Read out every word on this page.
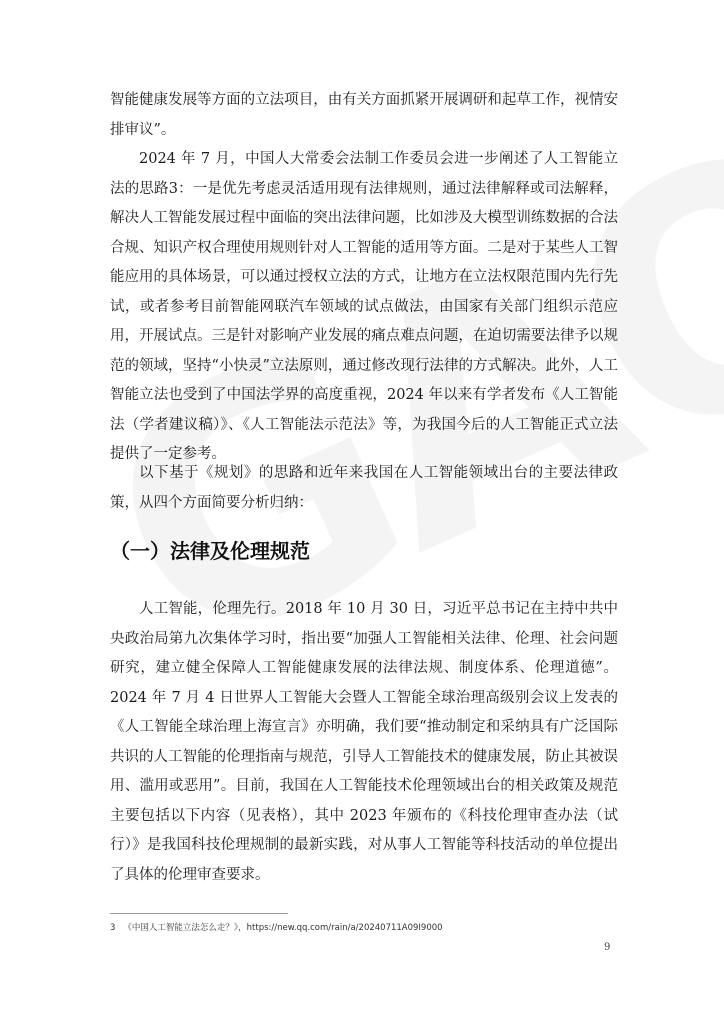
智能健康发展等方面的立法项目，由有关方面抓紧开展调研和起草工作，视情安排审议”。

2024 年 7 月，中国人大常委会法制工作委员会进一步阐述了人工智能立法的思路3：一是优先考虑灵活适用现有法律规则，通过法律解释或司法解释，解决人工智能发展过程中面临的突出法律问题，比如涉及大模型训练数据的合法合规、知识产权合理使用规则针对人工智能的适用等方面。二是对于某些人工智能应用的具体场景，可以通过授权立法的方式，让地方在立法权限范围内先行先试，或者参考目前智能网联汽车领域的试点做法，由国家有关部门组织示范应用，开展试点。三是针对影响产业发展的痛点难点问题，在迫切需要法律予以规范的领域，坚持“小快灵”立法原则，通过修改现行法律的方式解决。此外，人工智能立法也受到了中国法学界的高度重视，2024 年以来有学者发布《人工智能法（学者建议稿）》、《人工智能法示范法》等，为我国今后的人工智能正式立法提供了一定参考。

以下基于《规划》的思路和近年来我国在人工智能领域出台的主要法律政策，从四个方面简要分析归纳：

（一）法律及伦理规范

人工智能，伦理先行。2018 年 10 月 30 日，习近平总书记在主持中共中央政治局第九次集体学习时，指出要“加强人工智能相关法律、伦理、社会问题研究，建立健全保障人工智能健康发展的法律法规、制度体系、伦理道德”。2024 年 7 月 4 日世界人工智能大会暨人工智能全球治理高级别会议上发表的《人工智能全球治理上海宣言》亦明确，我们要“推动制定和采纳具有广泛国际共识的人工智能的伦理指南与规范，引导人工智能技术的健康发展，防止其被误用、滥用或恶用”。目前，我国在人工智能技术伦理领域出台的相关政策及规范主要包括以下内容（见表格），其中 2023 年颁布的《科技伦理审查办法（试行）》是我国科技伦理规制的最新实践，对从事人工智能等科技活动的单位提出了具体的伦理审查要求。

3 《中国人工智能立法怎么走？》，https://new.qq.com/rain/a/20240711A09I9000
9
